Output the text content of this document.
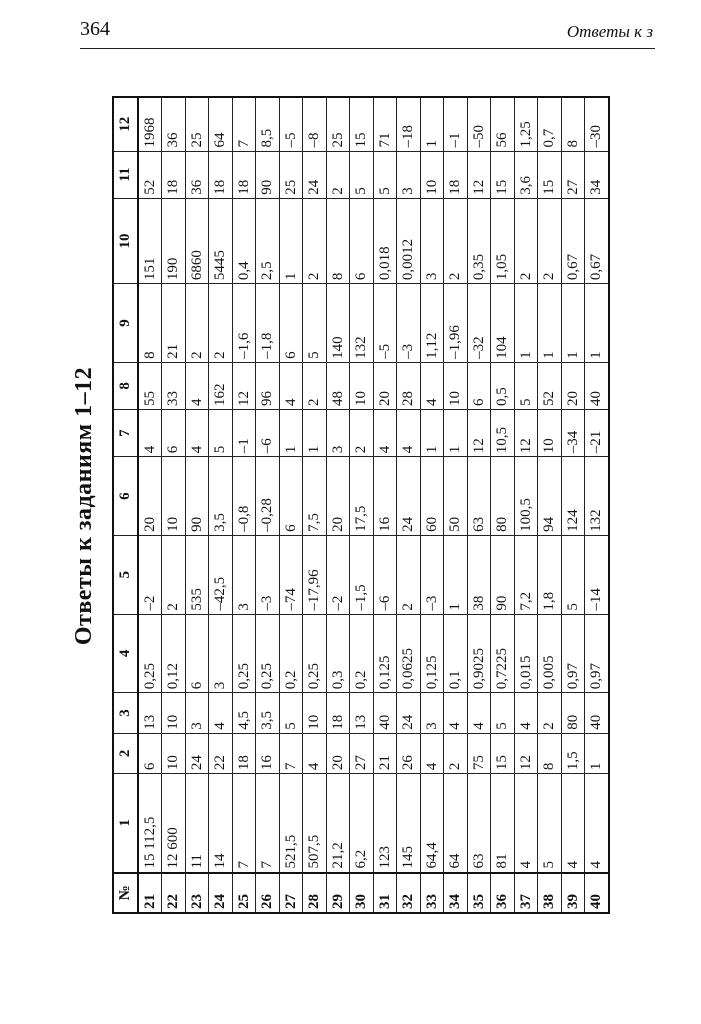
364	Ответы к з
Ответы к заданиям 1–12
№	1	2	3	4	5	6	7	8	9	10	11	12
21	15 112,5	6	13	0,25	–2	20	4	55	8	151	52	1968
22	12 600	10	10	0,12	2	10	6	33	21	190	18	36
23	11	24	3	6	535	90	4	4	2	6860	36	25
24	14	22	4	3	–42,5	3,5	5	162	2	5445	18	64
25	7	18	4,5	0,25	3	–0,8	–1	12	–1,6	0,4	18	7
26	7	16	3,5	0,25	–3	–0,28	–6	96	–1,8	2,5	90	8,5
27	521,5	7	5	0,2	–74	6	1	4	6	1	25	–5
28	507,5	4	10	0,25	–17,96	7,5	1	2	5	2	24	–8
29	21,2	20	18	0,3	–2	20	3	48	140	8	2	25
30	6,2	27	13	0,2	–1,5	17,5	2	10	132	6	5	15
31	123	21	40	0,125	–6	16	4	20	–5	0,018	5	71
32	145	26	24	0,0625	2	24	4	28	–3	0,0012	3	–18
33	64,4	4	3	0,125	–3	60	1	4	1,12	3	10	1
34	64	2	4	0,1	1	50	1	10	–1,96	2	18	–1
35	63	75	4	0,9025	38	63	12	6	–32	0,35	12	–50
36	81	15	5	0,7225	90	80	10,5	0,5	104	1,05	15	56
37	4	12	4	0,015	7,2	100,5	12	5	1	2	3,6	1,25
38	5	8	2	0,005	1,8	94	10	52	1	2	15	0,7
39	4	1,5	80	0,97	5	124	–34	20	1	0,67	27	8
40	4	1	40	0,97	–14	132	–21	40	1	0,67	34	–30
